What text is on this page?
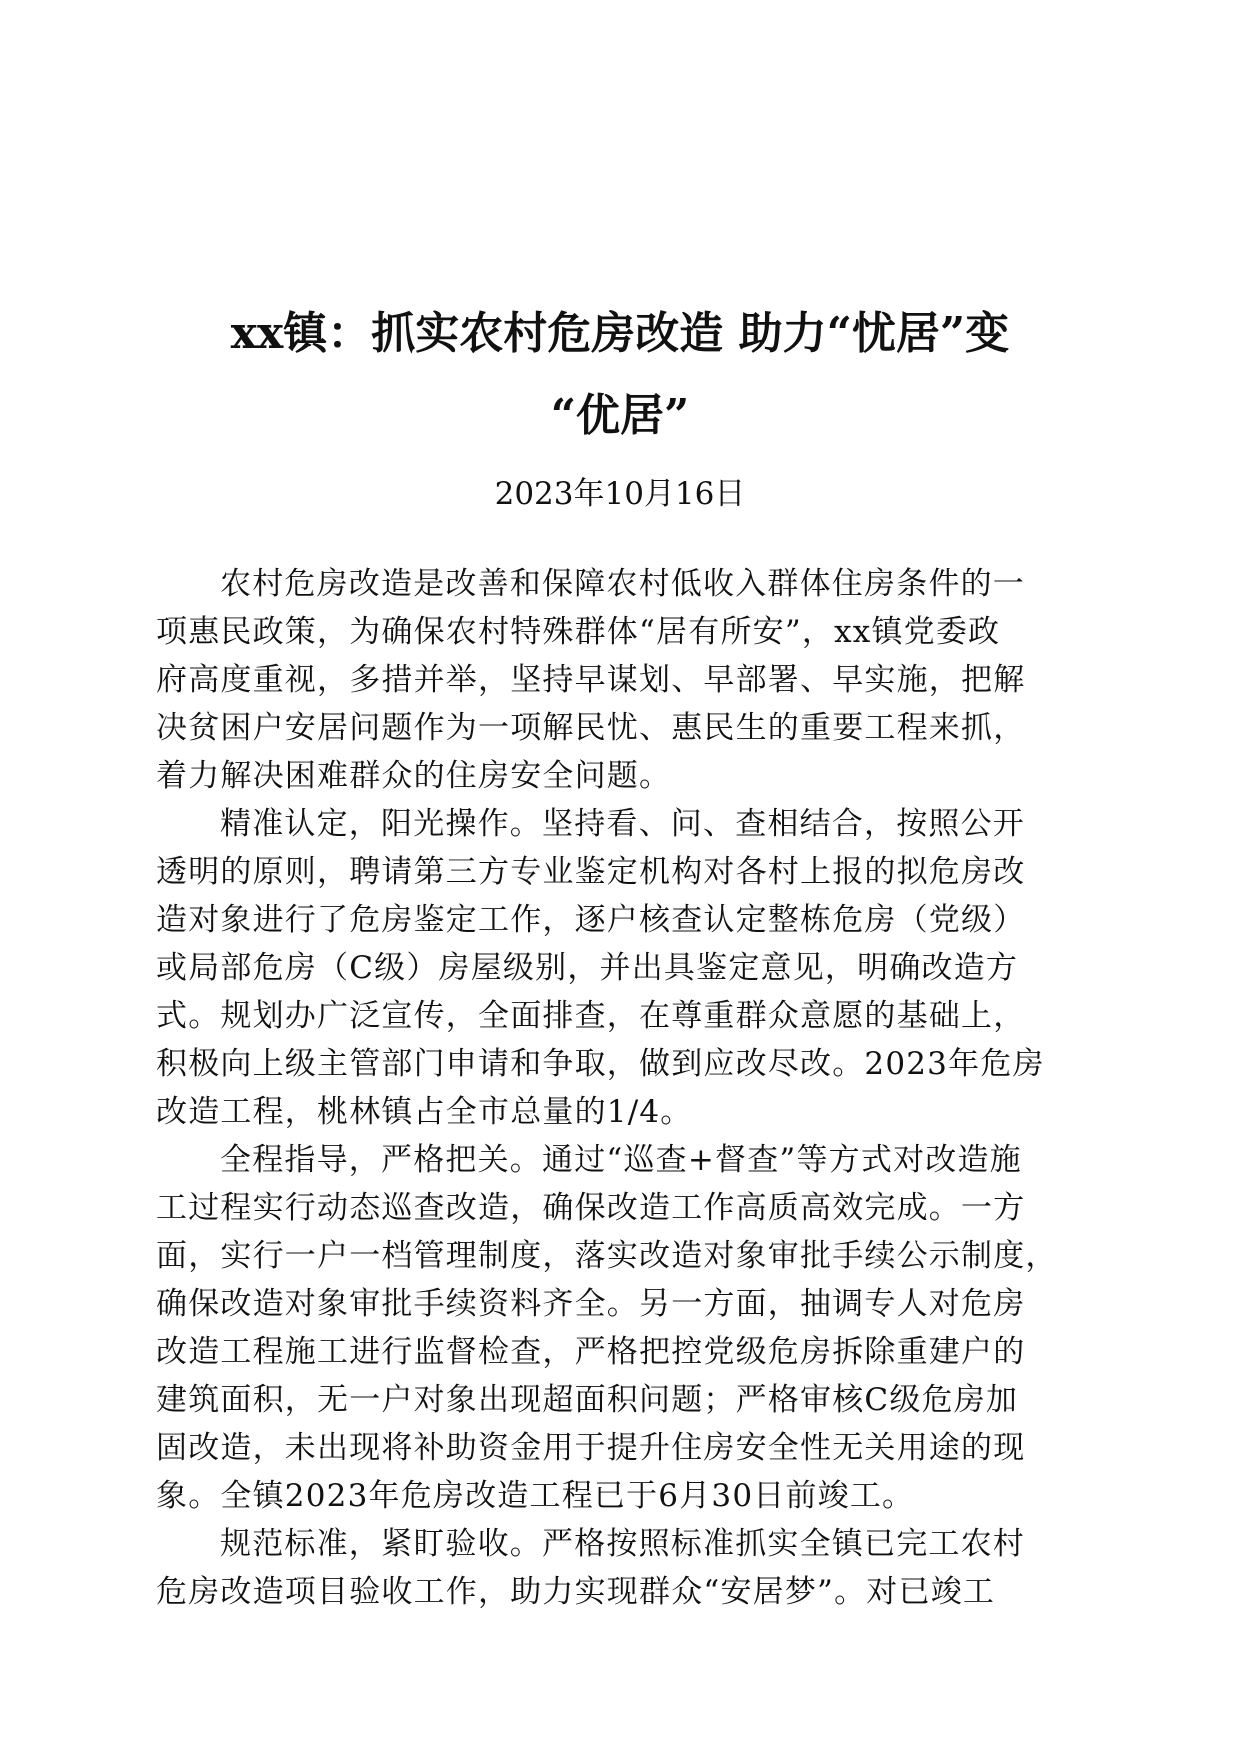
xx镇：抓实农村危房改造 助力“忧居”变
“优居”
2023年10月16日
农村危房改造是改善和保障农村低收入群体住房条件的一
项惠民政策，为确保农村特殊群体“居有所安”，xx镇党委政
府高度重视，多措并举，坚持早谋划、早部署、早实施，把解
决贫困户安居问题作为一项解民忧、惠民生的重要工程来抓，
着力解决困难群众的住房安全问题。
精准认定，阳光操作。坚持看、问、查相结合，按照公开
透明的原则，聘请第三方专业鉴定机构对各村上报的拟危房改
造对象进行了危房鉴定工作，逐户核查认定整栋危房（党级）
或局部危房（C级）房屋级别，并出具鉴定意见，明确改造方
式。规划办广泛宣传，全面排查，在尊重群众意愿的基础上，
积极向上级主管部门申请和争取，做到应改尽改。2023年危房
改造工程，桃林镇占全市总量的1/4。
全程指导，严格把关。通过“巡查+督查”等方式对改造施
工过程实行动态巡查改造，确保改造工作高质高效完成。一方
面，实行一户一档管理制度，落实改造对象审批手续公示制度，
确保改造对象审批手续资料齐全。另一方面，抽调专人对危房
改造工程施工进行监督检查，严格把控党级危房拆除重建户的
建筑面积，无一户对象出现超面积问题；严格审核C级危房加
固改造，未出现将补助资金用于提升住房安全性无关用途的现
象。全镇2023年危房改造工程已于6月30日前竣工。
规范标准，紧盯验收。严格按照标准抓实全镇已完工农村
危房改造项目验收工作，助力实现群众“安居梦”。对已竣工
